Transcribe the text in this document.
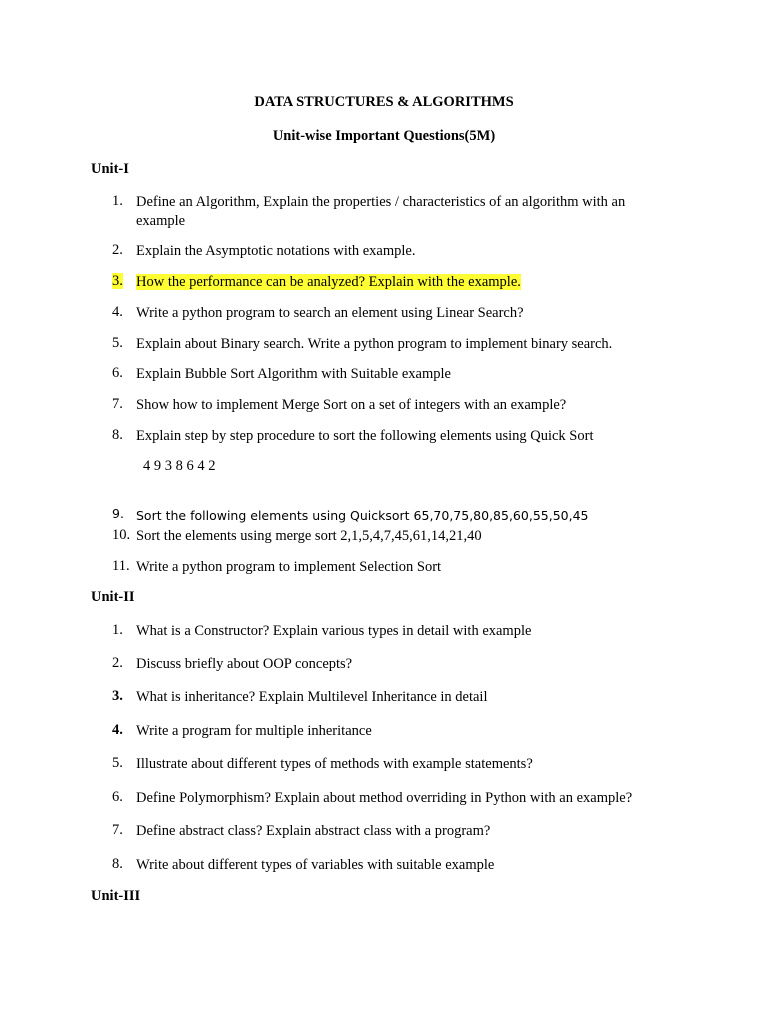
DATA STRUCTURES & ALGORITHMS
Unit-wise Important Questions(5M)
Unit-I
1. Define an Algorithm, Explain the properties / characteristics of an algorithm with an example
2. Explain the Asymptotic notations with example.
3. How the performance can be analyzed? Explain with the example.
4. Write a python program to search an element using Linear Search?
5. Explain about Binary search. Write a python program to implement binary search.
6. Explain Bubble Sort Algorithm with Suitable example
7. Show how to implement Merge Sort on a set of integers with an example?
8. Explain step by step procedure to sort the following elements using Quick Sort
4 9 3 8 6 4 2
9. Sort the following elements using Quicksort 65,70,75,80,85,60,55,50,45
10. Sort the elements using merge sort 2,1,5,4,7,45,61,14,21,40
11. Write a python program to implement Selection Sort
Unit-II
1. What is a Constructor? Explain various types in detail with example
2. Discuss briefly about OOP concepts?
3. What is inheritance? Explain Multilevel Inheritance in detail
4. Write a program for multiple inheritance
5. Illustrate about different types of methods with example statements?
6. Define Polymorphism? Explain about method overriding in Python with an example?
7. Define abstract class? Explain abstract class with a program?
8. Write about different types of variables with suitable example
Unit-III
